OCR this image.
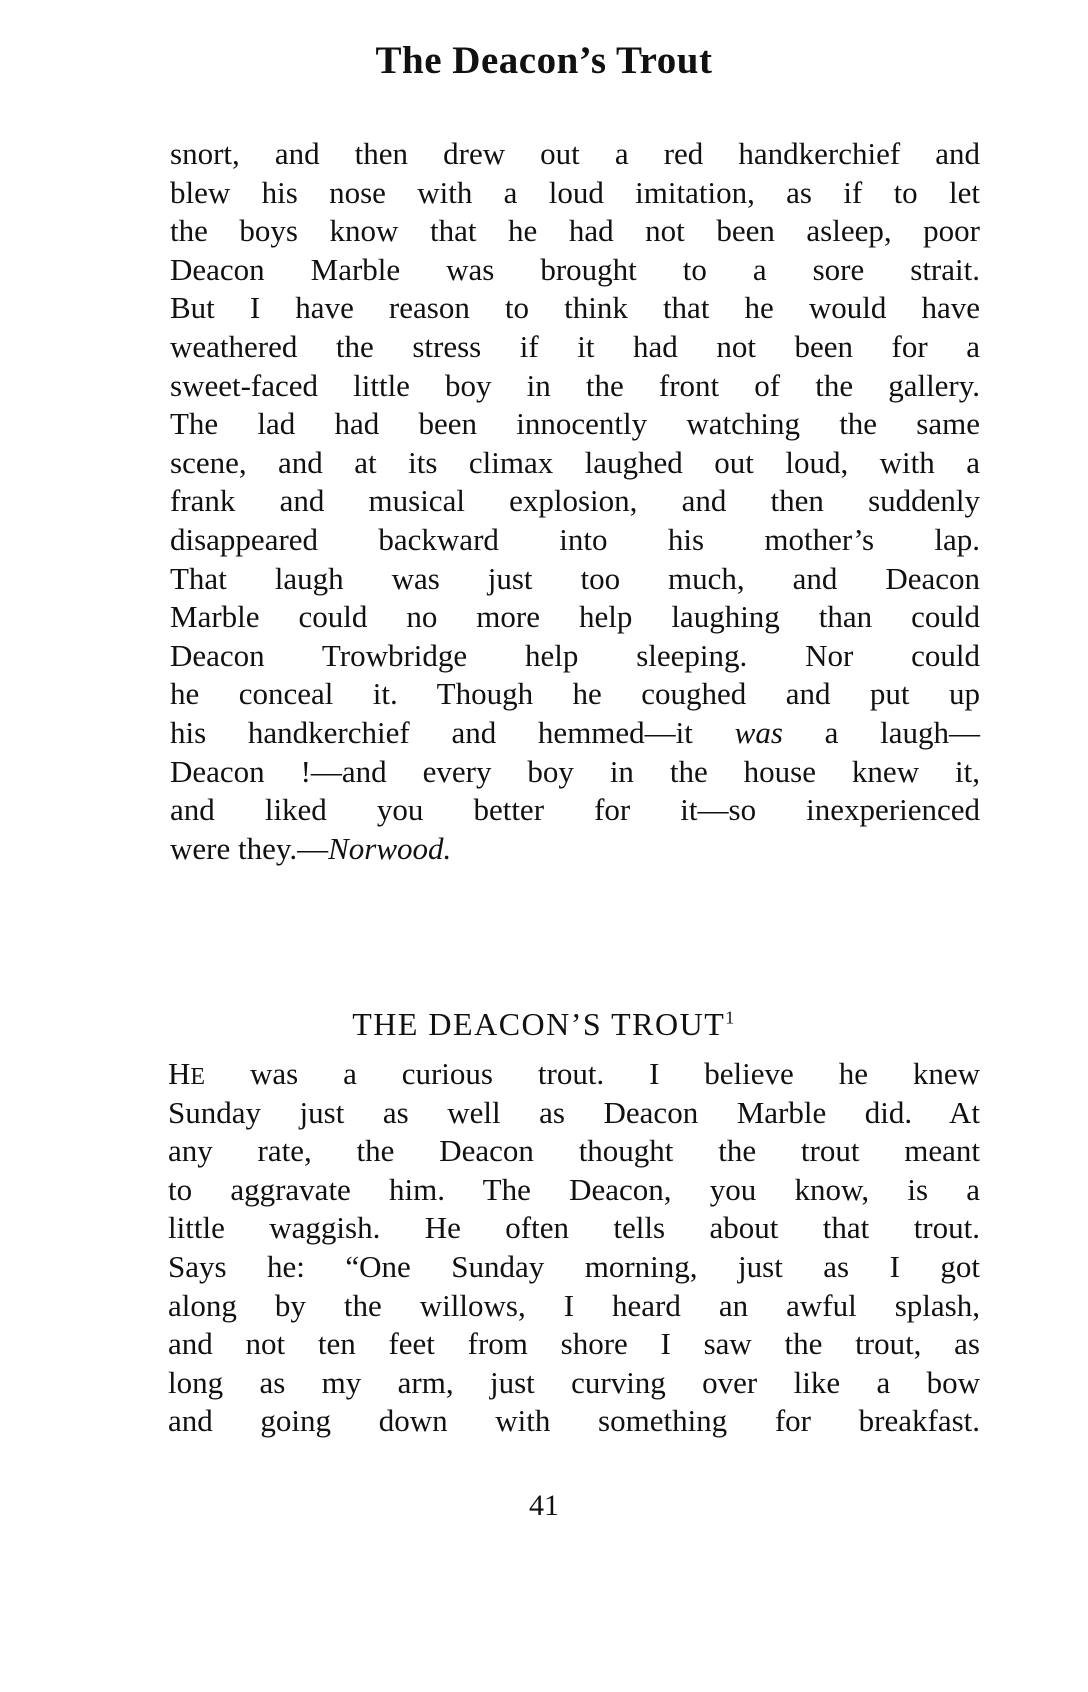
The Deacon’s Trout
snort, and then drew out a red handkerchief and
blew his nose with a loud imitation, as if to let
the boys know that he had not been asleep, poor
Deacon Marble was brought to a sore strait.
But I have reason to think that he would have
weathered the stress if it had not been for a
sweet-faced little boy in the front of the gallery.
The lad had been innocently watching the same
scene, and at its climax laughed out loud, with a
frank and musical explosion, and then suddenly
disappeared backward into his mother’s lap.
That laugh was just too much, and Deacon
Marble could no more help laughing than could
Deacon Trowbridge help sleeping. Nor could
he conceal it. Though he coughed and put up
his handkerchief and hemmed—it was a laugh—
Deacon !—and every boy in the house knew it,
and liked you better for it—so inexperienced
were they.—Norwood.
THE DEACON’S TROUT$^1$
HE was a curious trout. I believe he knew
Sunday just as well as Deacon Marble did. At
any rate, the Deacon thought the trout meant
to aggravate him. The Deacon, you know, is a
little waggish. He often tells about that trout.
Says he: “One Sunday morning, just as I got
along by the willows, I heard an awful splash,
and not ten feet from shore I saw the trout, as
long as my arm, just curving over like a bow
and going down with something for breakfast.
41
